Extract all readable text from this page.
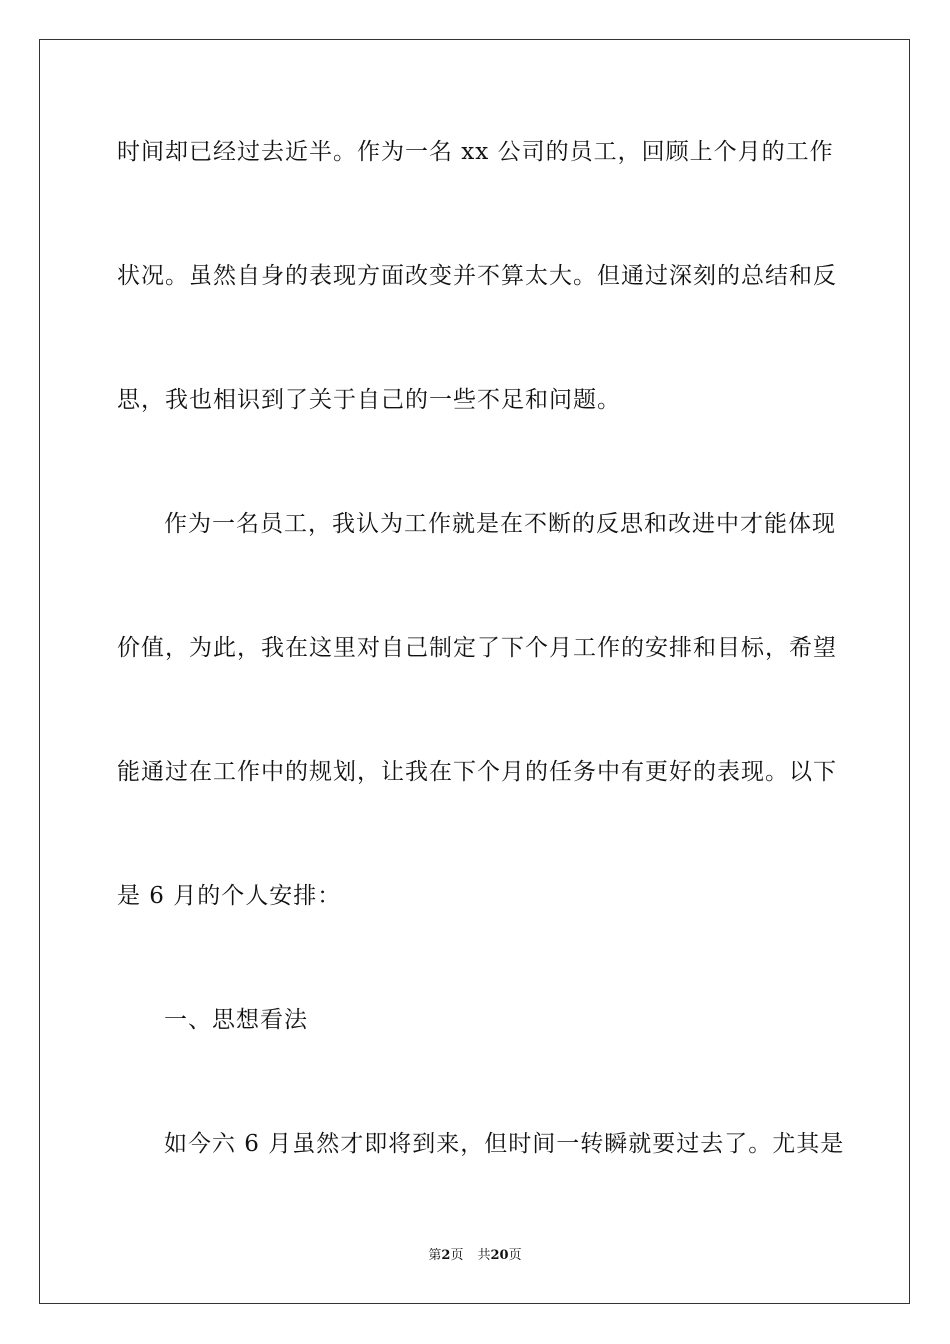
时间却已经过去近半。作为一名 xx 公司的员工，回顾上个月的工作
状况。虽然自身的表现方面改变并不算太大。但通过深刻的总结和反
思，我也相识到了关于自己的一些不足和问题。
作为一名员工，我认为工作就是在不断的反思和改进中才能体现
价值，为此，我在这里对自己制定了下个月工作的安排和目标，希望
能通过在工作中的规划，让我在下个月的任务中有更好的表现。以下
是 6 月的个人安排：
一、思想看法
如今六 6 月虽然才即将到来，但时间一转瞬就要过去了。尤其是
第2页 共20页
